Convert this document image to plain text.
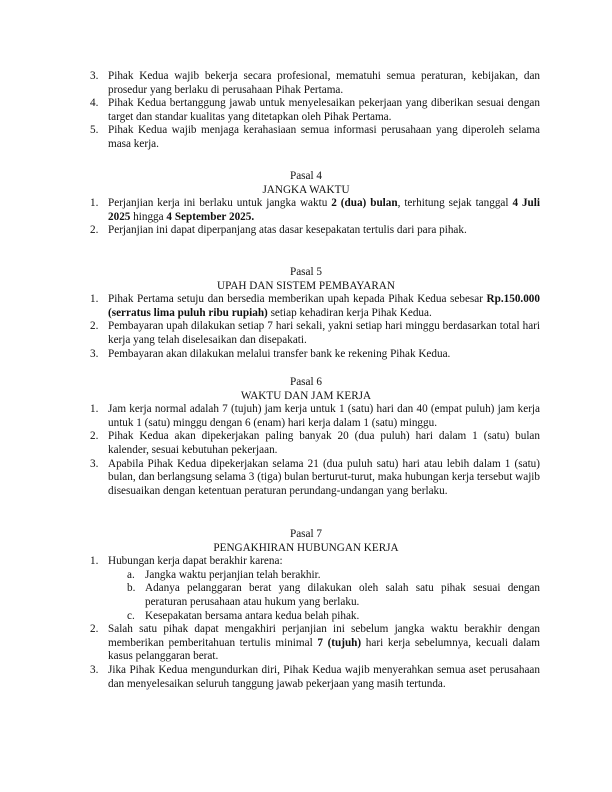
3. Pihak Kedua wajib bekerja secara profesional, mematuhi semua peraturan, kebijakan, dan prosedur yang berlaku di perusahaan Pihak Pertama.
4. Pihak Kedua bertanggung jawab untuk menyelesaikan pekerjaan yang diberikan sesuai dengan target dan standar kualitas yang ditetapkan oleh Pihak Pertama.
5. Pihak Kedua wajib menjaga kerahasiaan semua informasi perusahaan yang diperoleh selama masa kerja.
Pasal 4
JANGKA WAKTU
1. Perjanjian kerja ini berlaku untuk jangka waktu 2 (dua) bulan, terhitung sejak tanggal 4 Juli 2025 hingga 4 September 2025.
2. Perjanjian ini dapat diperpanjang atas dasar kesepakatan tertulis dari para pihak.
Pasal 5
UPAH DAN SISTEM PEMBAYARAN
1. Pihak Pertama setuju dan bersedia memberikan upah kepada Pihak Kedua sebesar Rp.150.000 (serratus lima puluh ribu rupiah) setiap kehadiran kerja Pihak Kedua.
2. Pembayaran upah dilakukan setiap 7 hari sekali, yakni setiap hari minggu berdasarkan total hari kerja yang telah diselesaikan dan disepakati.
3. Pembayaran akan dilakukan melalui transfer bank ke rekening Pihak Kedua.
Pasal 6
WAKTU DAN JAM KERJA
1. Jam kerja normal adalah 7 (tujuh) jam kerja untuk 1 (satu) hari dan 40 (empat puluh) jam kerja untuk 1 (satu) minggu dengan 6 (enam) hari kerja dalam 1 (satu) minggu.
2. Pihak Kedua akan dipekerjakan paling banyak 20 (dua puluh) hari dalam 1 (satu) bulan kalender, sesuai kebutuhan pekerjaan.
3. Apabila Pihak Kedua dipekerjakan selama 21 (dua puluh satu) hari atau lebih dalam 1 (satu) bulan, dan berlangsung selama 3 (tiga) bulan berturut-turut, maka hubungan kerja tersebut wajib disesuaikan dengan ketentuan peraturan perundang-undangan yang berlaku.
Pasal 7
PENGAKHIRAN HUBUNGAN KERJA
1. Hubungan kerja dapat berakhir karena:
a. Jangka waktu perjanjian telah berakhir.
b. Adanya pelanggaran berat yang dilakukan oleh salah satu pihak sesuai dengan peraturan perusahaan atau hukum yang berlaku.
c. Kesepakatan bersama antara kedua belah pihak.
2. Salah satu pihak dapat mengakhiri perjanjian ini sebelum jangka waktu berakhir dengan memberikan pemberitahuan tertulis minimal 7 (tujuh) hari kerja sebelumnya, kecuali dalam kasus pelanggaran berat.
3. Jika Pihak Kedua mengundurkan diri, Pihak Kedua wajib menyerahkan semua aset perusahaan dan menyelesaikan seluruh tanggung jawab pekerjaan yang masih tertunda.
